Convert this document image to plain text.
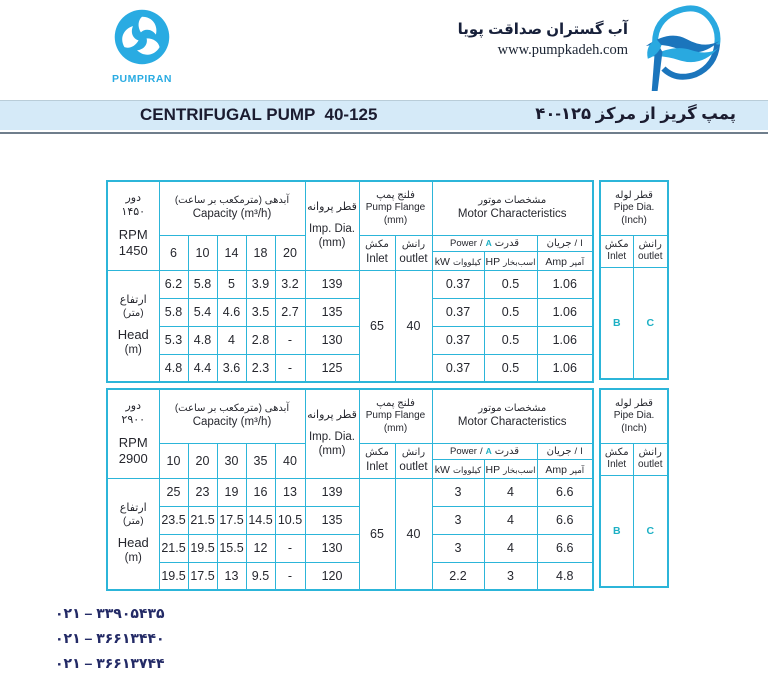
PUMPIRAN
آب گستران صداقت پویا
www.pumpkadeh.com
CENTRIFUGAL PUMP  40-125	پمپ گریز از مرکز ۱۲۵-۴۰
دور
۱۴۵۰
RPM
1450	آبدهی (مترمکعب بر ساعت)
Capacity (m³/h)					قطر پروانه
Imp. Dia.
(mm)	فلنج پمپ
Pump Flange
(mm)		مشخصات موتور
Motor Characteristics		

	6	10	14	18	20		مکش
Inlet	رانش
outlet	Power / A قدرت		جریان / I

									kW کیلووات	HP اسب‌بخار	Amp آمپر

ارتفاع
(متر)
Head
(m)	6.2	5.8	5	3.9	3.2	139	65	40	0.37	0.5	1.06
	5.8	5.4	4.6	3.5	2.7	135			0.37	0.5	1.06
	5.3	4.8	4	2.8	-	130			0.37	0.5	1.06
	4.8	4.4	3.6	2.3	-	125			0.37	0.5	1.06
قطر لوله
Pipe Dia.
(Inch)	

مکش
Inlet	رانش
outlet

B	C
دور
۲۹۰۰
RPM
2900	آبدهی (مترمکعب بر ساعت)
Capacity (m³/h)					قطر پروانه
Imp. Dia.
(mm)	فلنج پمپ
Pump Flange
(mm)		مشخصات موتور
Motor Characteristics		

	10	20	30	35	40		مکش
Inlet	رانش
outlet	Power / A قدرت		جریان / I

									kW کیلووات	HP اسب‌بخار	Amp آمپر

ارتفاع
(متر)
Head
(m)	25	23	19	16	13	139	65	40	3	4	6.6
	23.5	21.5	17.5	14.5	10.5	135			3	4	6.6
	21.5	19.5	15.5	12	-	130			3	4	6.6
	19.5	17.5	13	9.5	-	120			2.2	3	4.8
قطر لوله
Pipe Dia.
(Inch)	

مکش
Inlet	رانش
outlet

B	C
۰۲۱ – ۳۳۹۰۵۴۳۵
۰۲۱ – ۳۶۶۱۳۴۴۰
۰۲۱ – ۳۶۶۱۳۷۴۴
